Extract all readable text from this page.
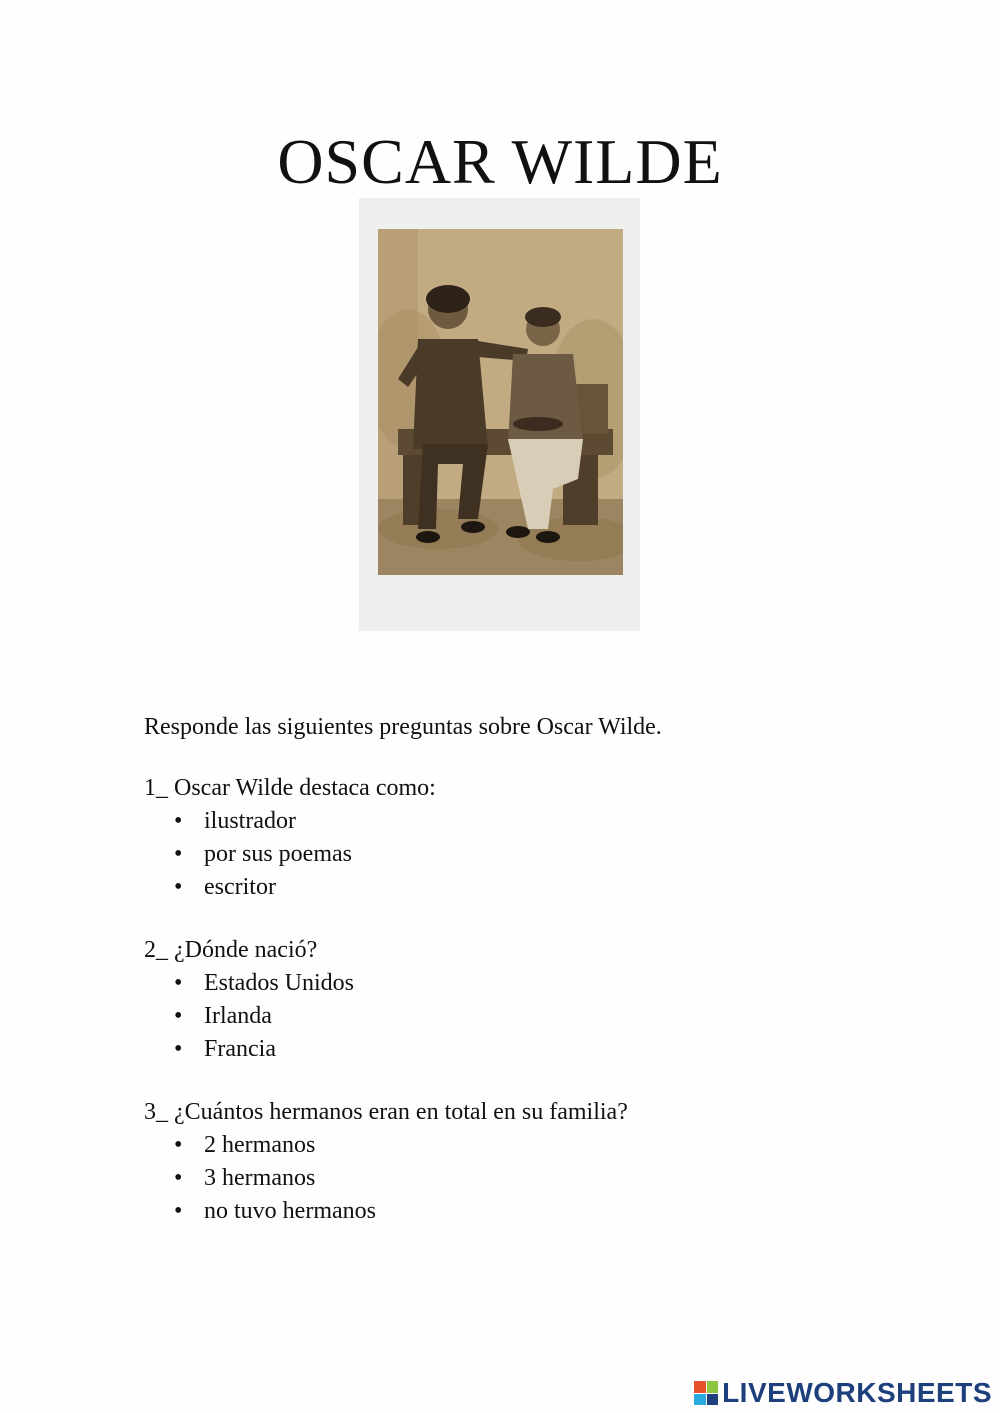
OSCAR WILDE
Responde las siguientes preguntas sobre Oscar Wilde.
1_ Oscar Wilde destaca como:
• ilustrador
• por sus poemas
• escritor
2_ ¿Dónde nació?
• Estados Unidos
• Irlanda
• Francia
3_ ¿Cuántos hermanos eran en total en su familia?
• 2 hermanos
• 3 hermanos
• no tuvo hermanos
LIVEWORKSHEETS
